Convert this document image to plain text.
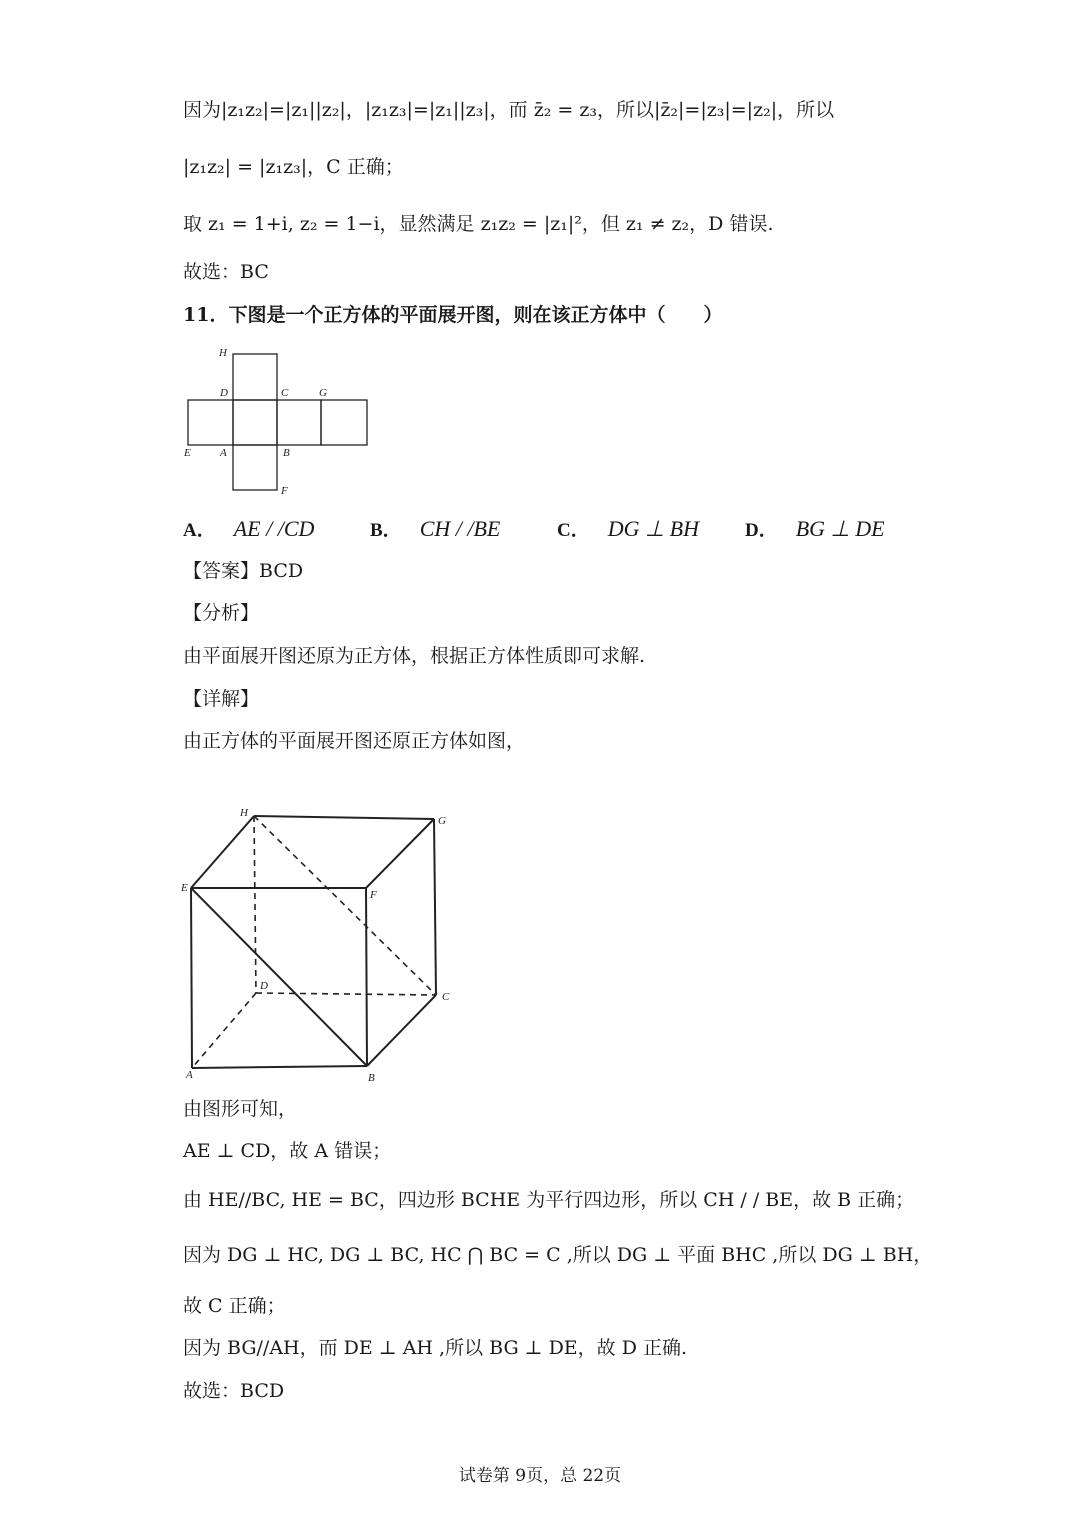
因为|z₁z₂|=|z₁||z₂|，|z₁z₃|=|z₁||z₃|，而 z̄₂ = z₃，所以|z̄₂|=|z₃|=|z₂|，所以
|z₁z₂| = |z₁z₃|，C 正确；
取 z₁ = 1+i, z₂ = 1−i，显然满足 z₁z₂ = |z₁|²，但 z₁ ≠ z₂，D 错误.
故选：BC
11．下图是一个正方体的平面展开图，则在该正方体中（　　）
H
D	C	G
E	A	B
F
A． AE / /CD	B． CH / /BE	C． DG ⊥ BH D． BG ⊥ DE
【答案】BCD
【分析】
由平面展开图还原为正方体，根据正方体性质即可求解.
【详解】
由正方体的平面展开图还原正方体如图，
H
G
E
F
D
C
A	B
由图形可知，
AE ⊥ CD，故 A 错误；
由 HE//BC, HE = BC，四边形 BCHE 为平行四边形，所以 CH / / BE，故 B 正确；
因为 DG ⊥ HC, DG ⊥ BC, HC ⋂ BC = C ,所以 DG ⊥ 平面 BHC ,所以 DG ⊥ BH，
故 C 正确；
因为 BG//AH，而 DE ⊥ AH ,所以 BG ⊥ DE，故 D 正确.
故选：BCD
试卷第 9页，总 22页
